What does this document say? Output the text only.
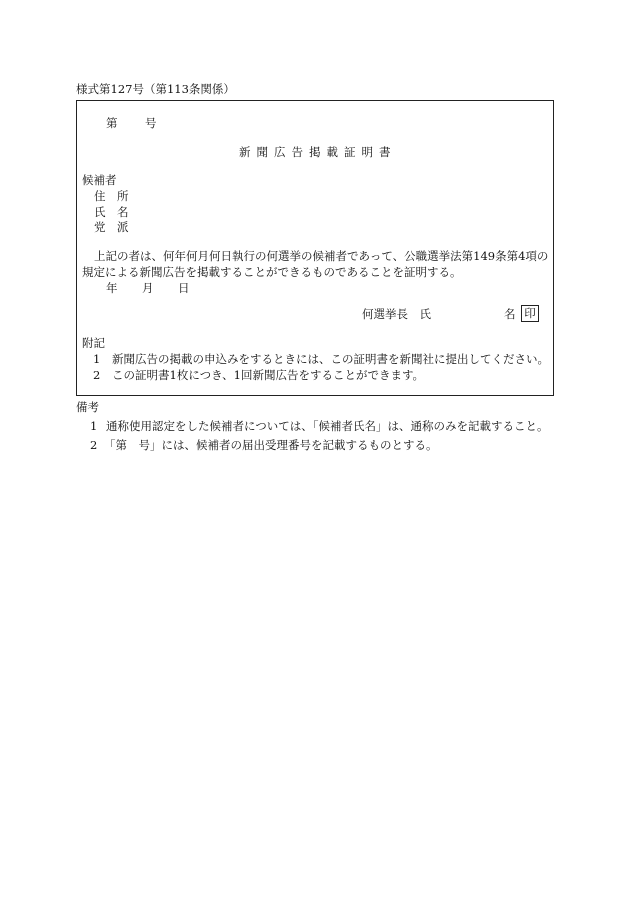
様式第127号（第113条関係）
第 号
新聞広告掲載証明書
候補者
住　所
氏　名
党　派
上記の者は、何年何月何日執行の何選挙の候補者であって、公職選挙法第149条第4項の
規定による新聞広告を掲載することができるものであることを証明する。
年 月 日
何選挙長　氏	名 印
附記
1 新聞広告の掲載の申込みをするときには、この証明書を新聞社に提出してください。
2 この証明書1枚につき、1回新聞広告をすることができます。
備考
1 通称使用認定をした候補者については、「候補者氏名」は、通称のみを記載すること。
2 「第　号」には、候補者の届出受理番号を記載するものとする。
